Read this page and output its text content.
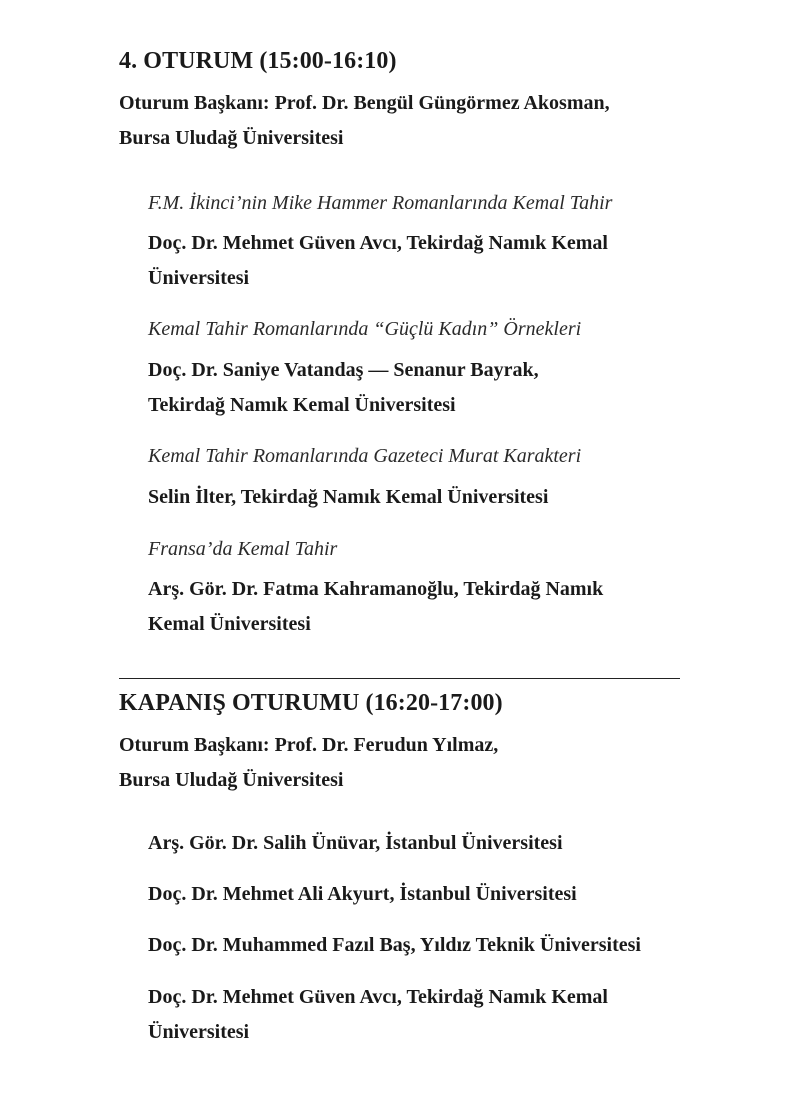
4. OTURUM (15:00-16:10)
Oturum Başkanı: Prof. Dr. Bengül Güngörmez Akosman,
Bursa Uludağ Üniversitesi
F.M. İkinci’nin Mike Hammer Romanlarında Kemal Tahir
Doç. Dr. Mehmet Güven Avcı, Tekirdağ Namık Kemal
Üniversitesi
Kemal Tahir Romanlarında “Güçlü Kadın” Örnekleri
Doç. Dr. Saniye Vatandaş — Senanur Bayrak,
Tekirdağ Namık Kemal Üniversitesi
Kemal Tahir Romanlarında Gazeteci Murat Karakteri
Selin İlter, Tekirdağ Namık Kemal Üniversitesi
Fransa’da Kemal Tahir
Arş. Gör. Dr. Fatma Kahramanoğlu, Tekirdağ Namık
Kemal Üniversitesi
KAPANIŞ OTURUMU (16:20-17:00)
Oturum Başkanı: Prof. Dr. Ferudun Yılmaz,
Bursa Uludağ Üniversitesi
Arş. Gör. Dr. Salih Ünüvar, İstanbul Üniversitesi
Doç. Dr. Mehmet Ali Akyurt, İstanbul Üniversitesi
Doç. Dr. Muhammed Fazıl Baş, Yıldız Teknik Üniversitesi
Doç. Dr. Mehmet Güven Avcı, Tekirdağ Namık Kemal
Üniversitesi
